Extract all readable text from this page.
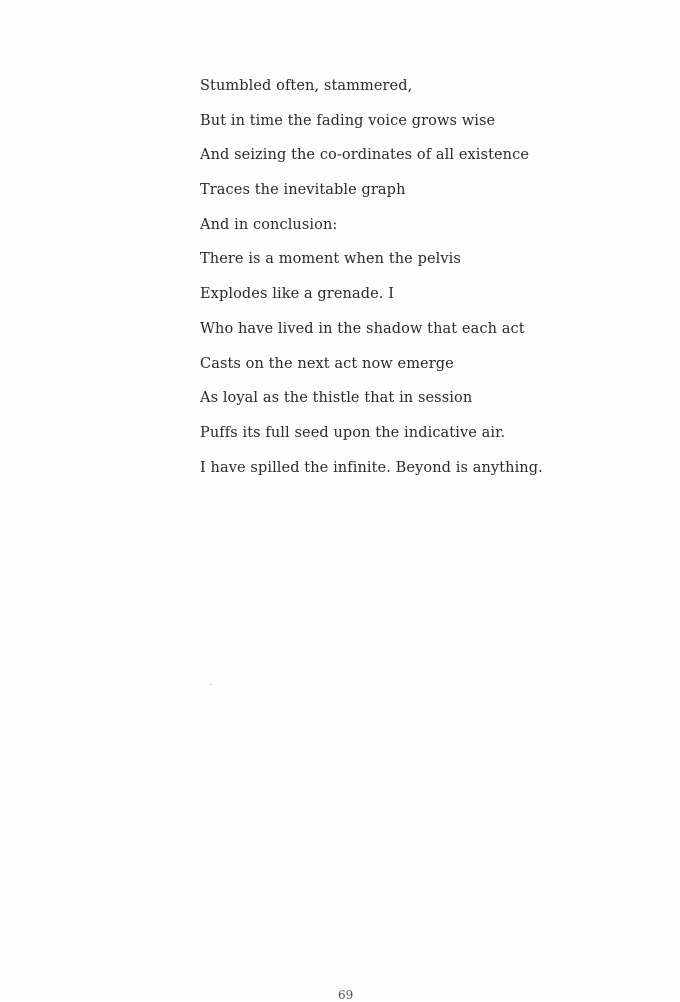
Stumbled often, stammered,
But in time the fading voice grows wise
And seizing the co-ordinates of all existence
Traces the inevitable graph
And in conclusion:
There is a moment when the pelvis
Explodes like a grenade. I
Who have lived in the shadow that each act
Casts on the next act now emerge
As loyal as the thistle that in session
Puffs its full seed upon the indicative air.
I have spilled the infinite. Beyond is anything.
69
